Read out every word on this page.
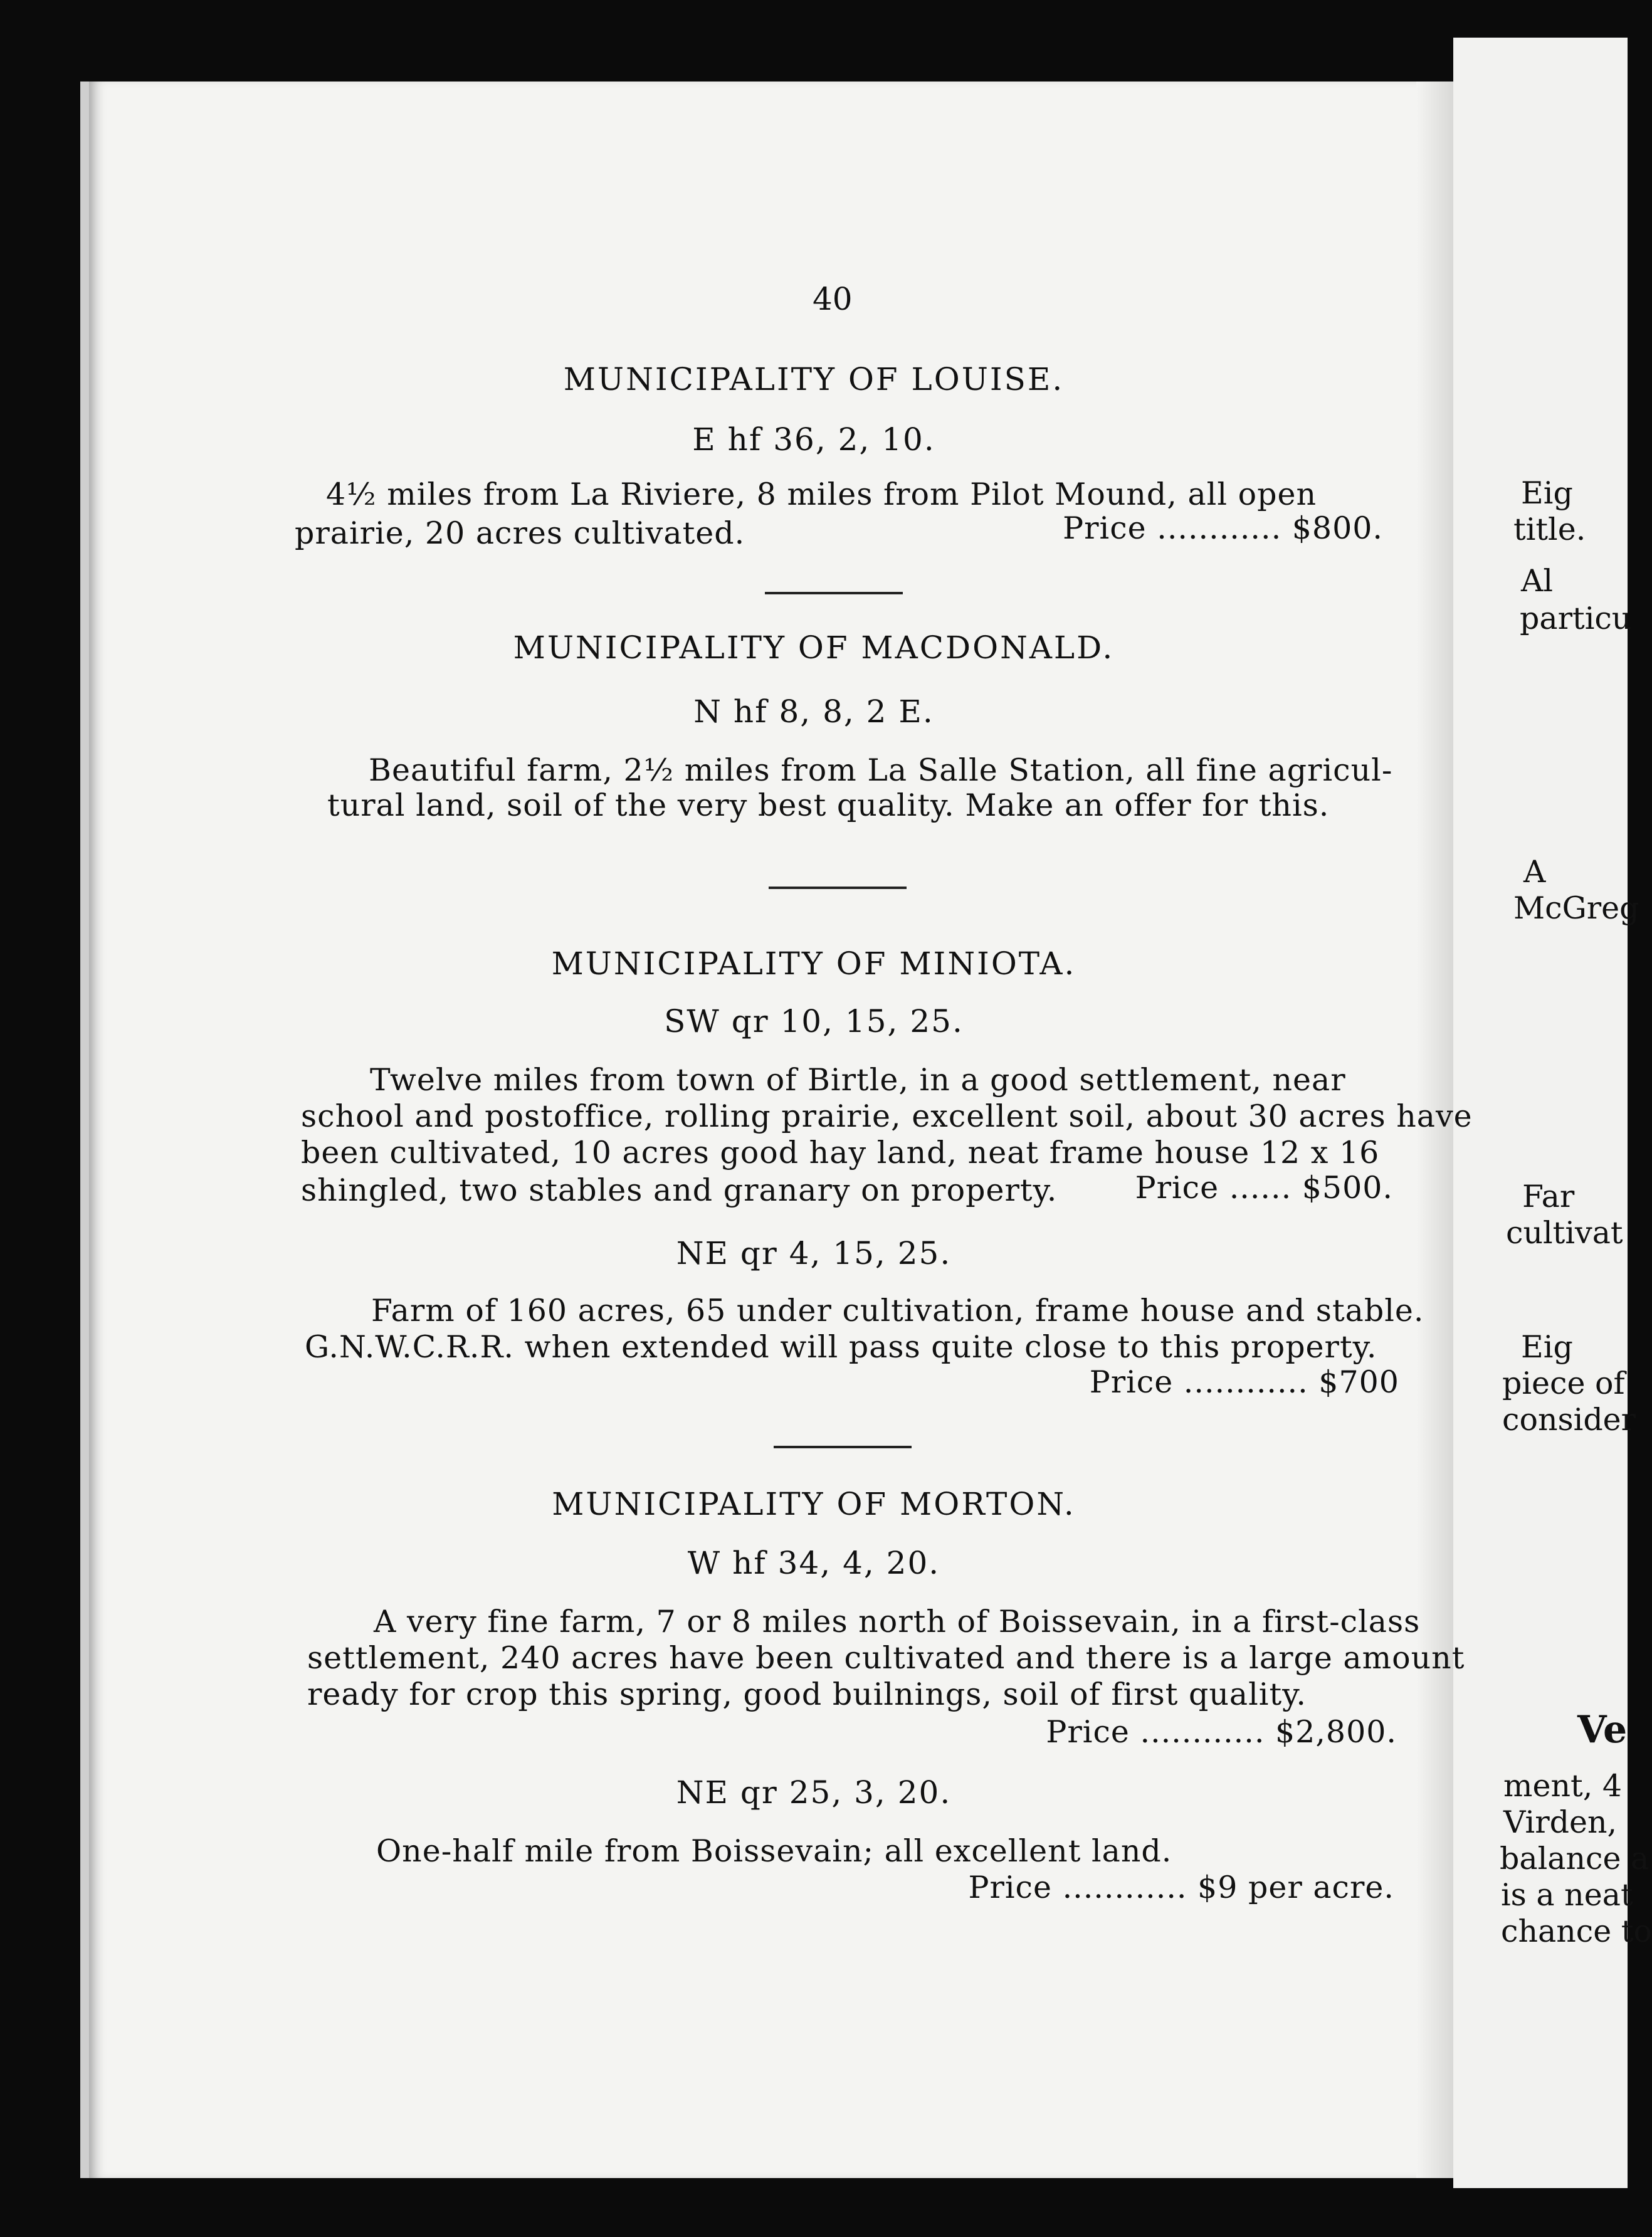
Eig
title.
Al
particu
A
McGreg
Far
cultivat
Eig
piece of
consider
Ve
ment, 4
Virden,
balance a
is a neat
chance to
40
MUNICIPALITY OF LOUISE.
E hf 36, 2, 10.
4½ miles from La Riviere, 8 miles from Pilot Mound, all open
prairie, 20 acres cultivated.	Price ............ $800.
MUNICIPALITY OF MACDONALD.
N hf 8, 8, 2 E.
Beautiful farm, 2½ miles from La Salle Station, all fine agricul-
tural land, soil of the very best quality. Make an offer for this.
MUNICIPALITY OF MINIOTA.
SW qr 10, 15, 25.
Twelve miles from town of Birtle, in a good settlement, near
school and postoffice, rolling prairie, excellent soil, about 30 acres have
been cultivated, 10 acres good hay land, neat frame house 12 x 16
shingled, two stables and granary on property.	Price ...... $500.
NE qr 4, 15, 25.
Farm of 160 acres, 65 under cultivation, frame house and stable.
G.N.W.C.R.R. when extended will pass quite close to this property.
Price ............ $700
MUNICIPALITY OF MORTON.
W hf 34, 4, 20.
A very fine farm, 7 or 8 miles north of Boissevain, in a first-class
settlement, 240 acres have been cultivated and there is a large amount
ready for crop this spring, good builnings, soil of first quality.
Price ............ $2,800.
NE qr 25, 3, 20.
One-half mile from Boissevain; all excellent land.
Price ............ $9 per acre.
